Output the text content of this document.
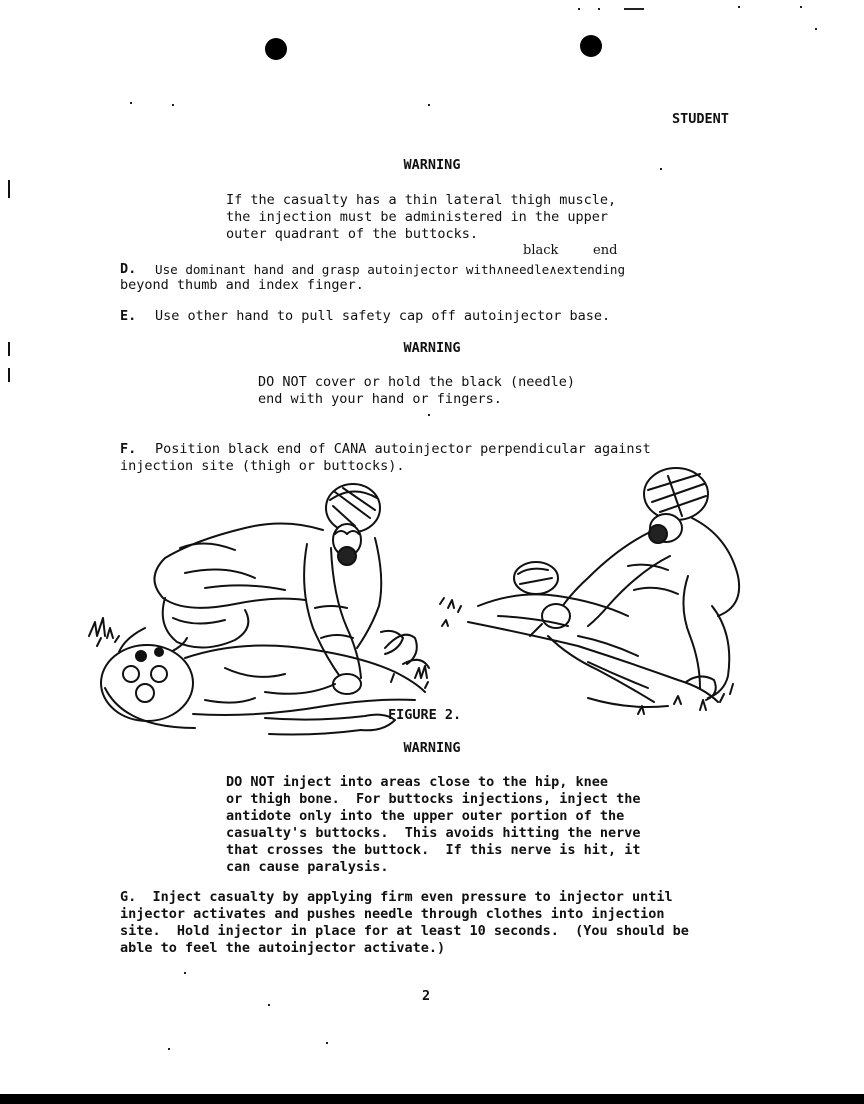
STUDENT
WARNING

If the casualty has a thin lateral thigh muscle,

the injection must be administered in the upper

outer quadrant of the buttocks.

black	end
D. Use dominant hand and grasp autoinjector with∧needle∧extending

beyond thumb and index finger.

E. Use other hand to pull safety cap off autoinjector base.

WARNING

DO NOT cover or hold the black (needle)

end with your hand or fingers.

F. Position black end of CANA autoinjector perpendicular against

injection site (thigh or buttocks).

FIGURE 2.
WARNING

DO NOT inject into areas close to the hip, knee

or thigh bone.  For buttocks injections, inject the

antidote only into the upper outer portion of the

casualty's buttocks.  This avoids hitting the nerve

that crosses the buttock.  If this nerve is hit, it

can cause paralysis.

G.	Inject casualty by applying firm even pressure to injector until

injector activates and pushes needle through clothes into injection

site.  Hold injector in place for at least 10 seconds.  (You should be

able to feel the autoinjector activate.)

2
